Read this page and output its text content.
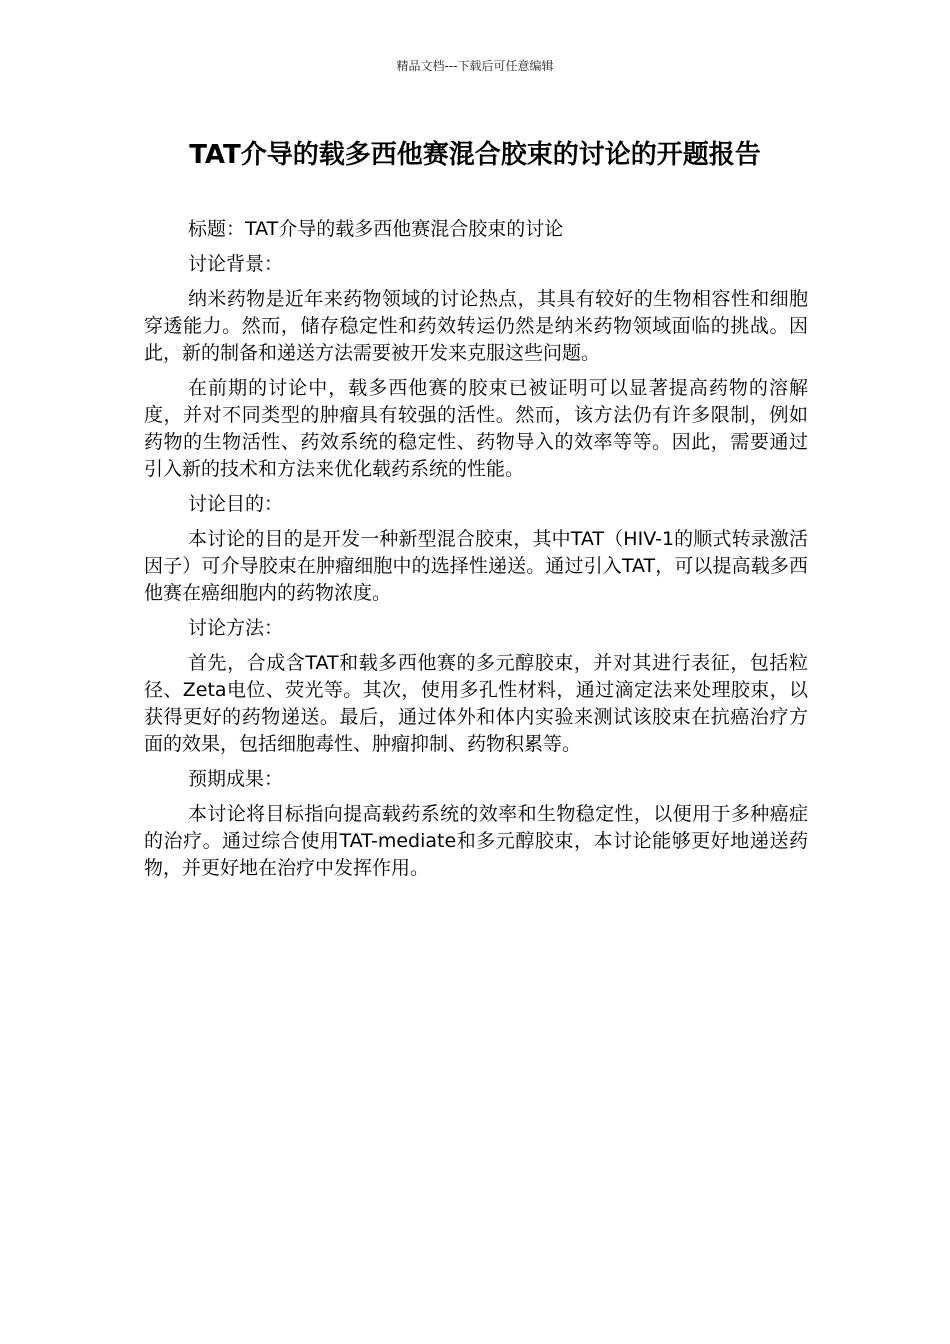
精品文档---下载后可任意编辑
TAT介导的载多西他赛混合胶束的讨论的开题报告

标题：TAT介导的载多西他赛混合胶束的讨论

讨论背景：

纳米药物是近年来药物领域的讨论热点，其具有较好的生物相容性和细胞穿透能力。然而，储存稳定性和药效转运仍然是纳米药物领域面临的挑战。因此，新的制备和递送方法需要被开发来克服这些问题。

在前期的讨论中，载多西他赛的胶束已被证明可以显著提高药物的溶解度，并对不同类型的肿瘤具有较强的活性。然而，该方法仍有许多限制，例如药物的生物活性、药效系统的稳定性、药物导入的效率等等。因此，需要通过引入新的技术和方法来优化载药系统的性能。

讨论目的：

本讨论的目的是开发一种新型混合胶束，其中TAT（HIV-1的顺式转录激活因子）可介导胶束在肿瘤细胞中的选择性递送。通过引入TAT，可以提高载多西他赛在癌细胞内的药物浓度。

讨论方法：

首先，合成含TAT和载多西他赛的多元醇胶束，并对其进行表征，包括粒径、Zeta电位、荧光等。其次，使用多孔性材料，通过滴定法来处理胶束，以获得更好的药物递送。最后，通过体外和体内实验来测试该胶束在抗癌治疗方面的效果，包括细胞毒性、肿瘤抑制、药物积累等。

预期成果：

本讨论将目标指向提高载药系统的效率和生物稳定性，以便用于多种癌症的治疗。通过综合使用TAT-mediate和多元醇胶束，本讨论能够更好地递送药物，并更好地在治疗中发挥作用。
